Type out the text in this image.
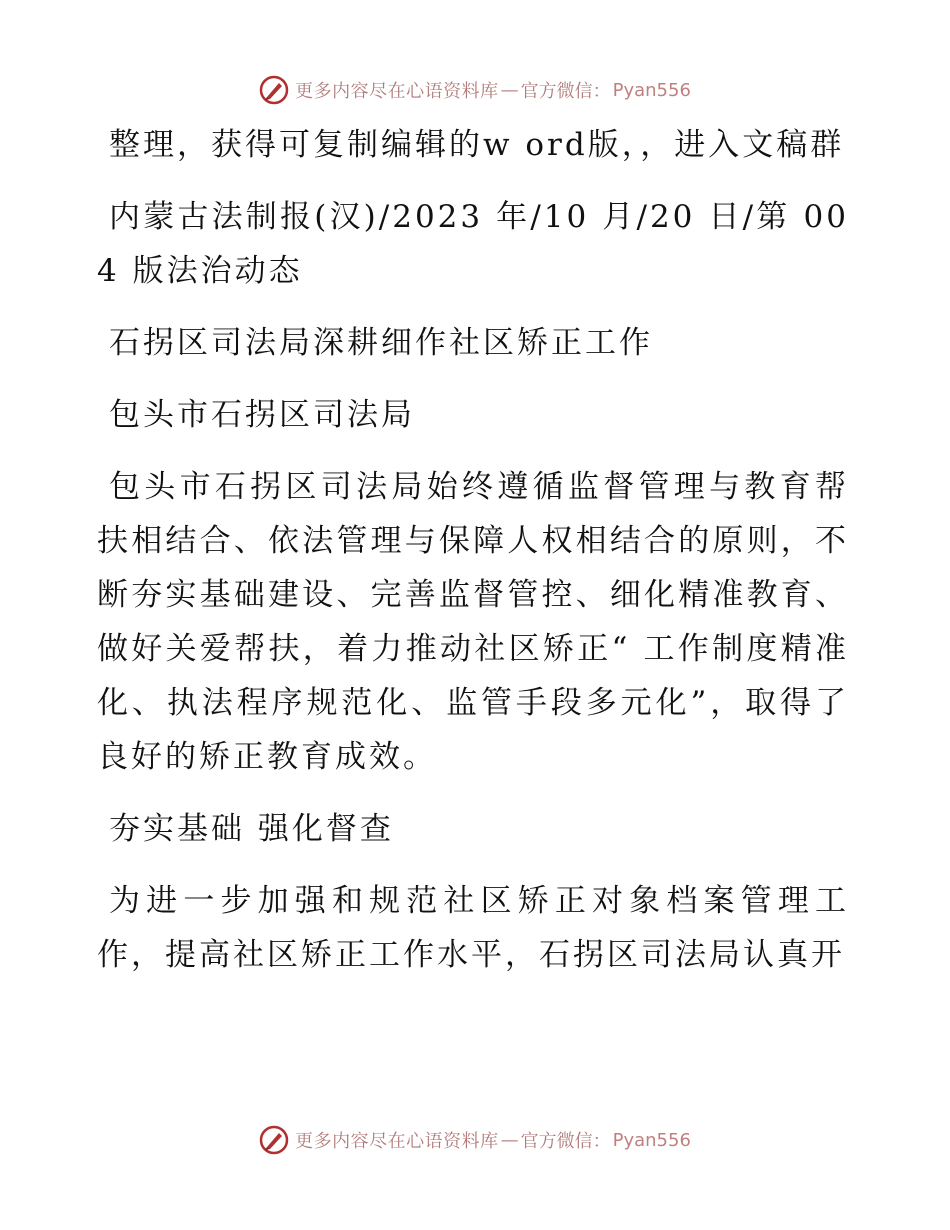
更多内容尽在心语资料库 — 官方微信： Pyan556

整理，获得可复制编辑的w ord版，，进入文稿群

内蒙古法制报(汉)/2023 年/10 月/20 日/第 004 版法治动态

石拐区司法局深耕细作社区矫正工作

包头市石拐区司法局

包头市石拐区司法局始终遵循监督管理与教育帮扶相结合、依法管理与保障人权相结合的原则，不断夯实基础建设、完善监督管控、细化精准教育、做好关爱帮扶，着力推动社区矫正“ 工作制度精准化、执法程序规范化、监管手段多元化”，取得了良好的矫正教育成效。

夯实基础 强化督查

为进一步加强和规范社区矫正对象档案管理工作，提高社区矫正工作水平，石拐区司法局认真开

更多内容尽在心语资料库 — 官方微信： Pyan556
